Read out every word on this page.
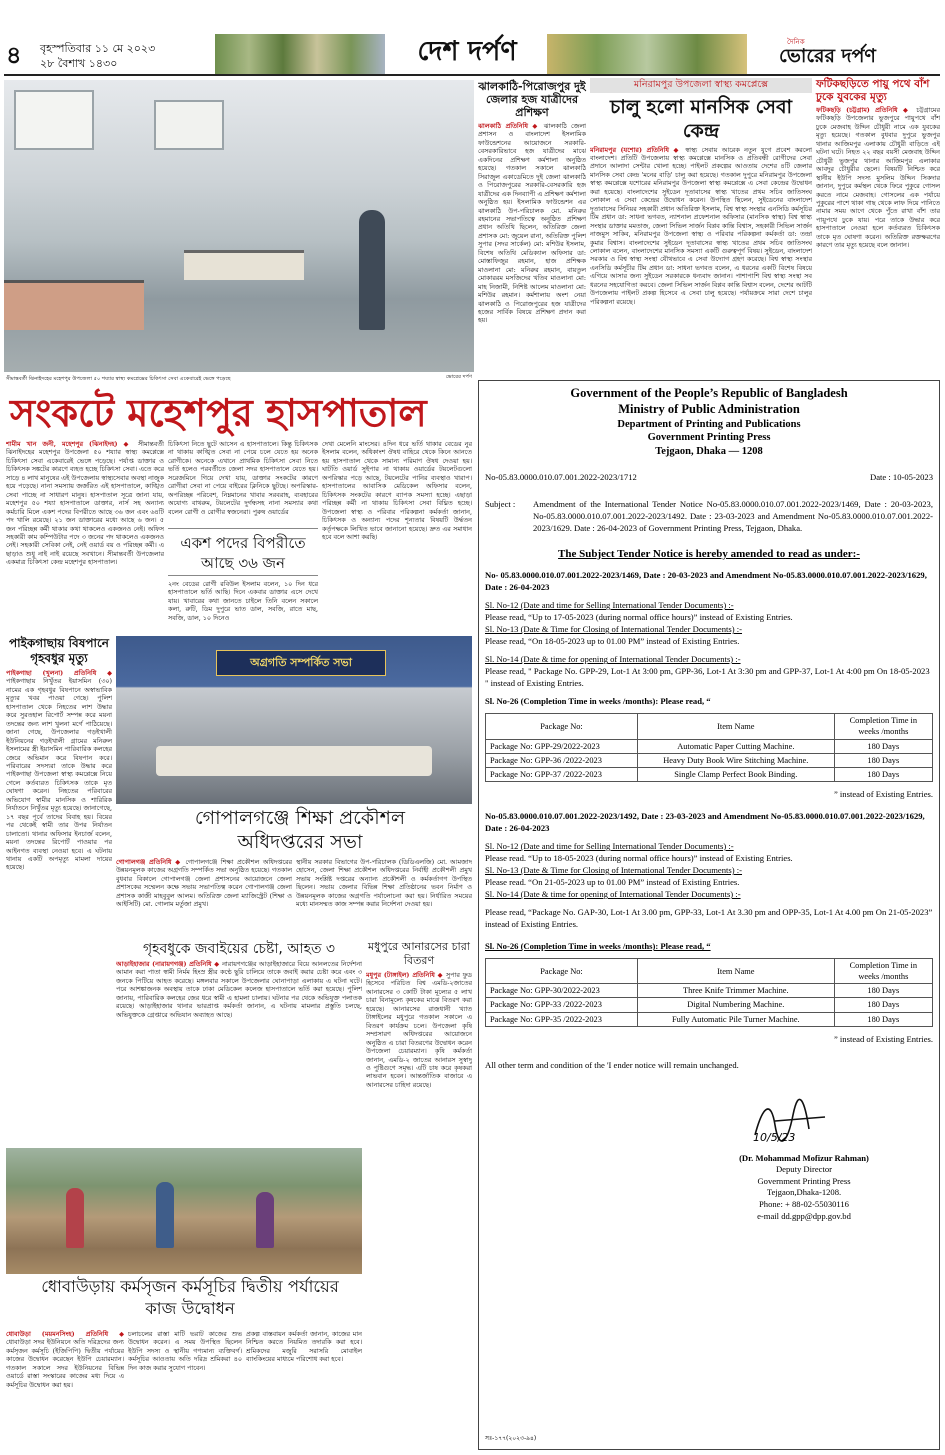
৪	বৃহস্পতিবার ১১ মে ২০২৩
২৮ বৈশাখ ১৪৩০	দেশ দর্পণ	দৈনিক
ভোরের দর্পণ
সীমান্তবর্তী ঝিনাইদহের মহেশপুর উপজেলা ৫০ শয্যার স্বাস্থ্য কমপ্লেক্সের চিকিৎসা সেবা একেবারেই ভেঙ্গে পড়েছে	ভোরের দর্পণ
সংকটে মহেশপুর হাসপাতাল
শামীম খান জনী, মহেশপুর (ঝিনাইদহ) ◆ সীমান্তবর্তী ঝিনাইদহের মহেশপুর উপজেলা ৫০ শয্যার স্বাস্থ্য কমপ্লেক্সে চিকিৎসা সেবা একেবারেই ভেঙ্গে পড়েছে। পর্যাপ্ত ডাক্তার ও চিকিৎসক সঙ্কটের কারণে ব্যহত হচ্ছে চিকিৎসা সেবা। এতে করে সাড়ে ৪ লাখ মানুষের এই উপজেলায় স্বাস্থ্যসেবার অবস্থা নাজুক হয়ে পড়েছে। নানা সমস্যায় জর্জরিত এই হাসপাতালে, কাঙ্খিত সেবা পাচ্ছে না সাধারণ মানুষ। হাসপাতাল সূত্রে জানা যায়, মহেশপুর ৫০ শয্যা হাসপাতালে ডাক্তার, নার্স সহ অন্যান্য কর্মচারি মিলে একশ পদের বিপরীতে আছে ৩৬ জন এবং ৬৪টি পদ খালি রয়েছে। ২১ জন ডাক্তারের মধ্যে আছে ৬ জন। ৫ জন পরিচ্ছন্ন কর্মী থাকার কথা থাকলেও একজনও নেই। অফিস সহকারী কাম কম্পিউটার পদে ৩ জনের পদ থাকলেও একজনও নেই। সহকারী সেবিকা নেই, নেই ওয়ার্ড বয় ও পরিচ্ছন্ন কর্মী। এ ছাড়াও শুধু নাই নাই রয়েছে সবখানে। সীমান্তবর্তী উপজেলার একমাত্র চিকিৎসা কেন্দ্র মহেশপুর হাসপাতাল।
চিকিৎসা নিতে ছুটে আসেন এ হাসপাতালে। কিন্তু চিকিৎসক না থাকায় কাঙ্খিত সেবা না পেয়ে চলে যেতে হয় অনেক রোগীকে। অনেকে এখানে প্রাথমিক চিকিৎসা সেবা নিতে ভর্তি হলেও পরবর্তীতে জেলা সদর হাসপাতালে যেতে হয়। সরেজমিনে গিয়ে দেখা যায়, ডাক্তার সংকটের কারণে রোগীরা সেবা না পেয়ে বাইরের ক্লিনিকে ছুটছে। অপরিস্কার-অপরিচ্ছন্ন পরিবেশ, নিম্নমানের খাবার সরবরাহ, ব্যবহারের অযোগ্য বাথরুম, টয়লেটের দুর্গন্ধসহ নানা সমস্যার কথা বলেন রোগী ও রোগীর স্বজনেরা। পুরুষ ওয়ার্ডের
একশ পদের বিপরীতে আছে ৩৬ জন
২নং বেডের রোগী রবিউল ইসলাম বলেন, ১০ দিন ধরে হাসপাতালে ভর্তি আছি। দিনে একবার ডাক্তার এসে দেখে যায়। খাবারের কথা জানতে চাইলে তিনি বলেন সকালে কলা, রুটি, ডিম দুপুরে ভাত ডাল, সবজি, রাতে মাছ, সবজি, ডাল, ১০ দিনেও
দেখা মেলেনি মাংসের। ৪দিন ধরে ভর্তি থাকার বেডের নুর ইসলাম বলেন, অধিকাংশ ঔষধ বাহিরে থেকে কিনে আনতে হয় হাসপাতাল থেকে সামান্য পরিমাণ ঔষধ দেওয়া হয়। ঘাটতি ওয়ার্ড সুইপার না থাকায় ওয়ার্ডের টয়লেটগুলো অপরিস্কার পড়ে আছে, টয়লেটের পানির ব্যবস্থাও খারাপ। হাসপাতালের আবাসিক মেডিকেল অফিসার বলেন, চিকিৎসক সংকটের কারণে ব্যাপক সমস্যা হচ্ছে। এছাড়া পরিচ্ছন্ন কর্মী না থাকায় চিকিৎসা সেবা বিঘ্নিত হচ্ছে। উপজেলা স্বাস্থ্য ও পরিবার পরিকল্পনা কর্মকর্তা জানান, চিকিৎসক ও অন্যান্য পদের শূন্যতার বিষয়টি উর্দ্ধতন কর্তৃপক্ষকে লিখিত ভাবে জানানো হয়েছে। দ্রুত এর সমাধান হবে বলে আশা করছি।
ঝালকাঠি-পিরোজপুর দুই জেলার হজ যাত্রীদের প্রশিক্ষণ
ঝালকাঠি প্রতিনিধি ◆ ঝালকাঠি জেলা প্রশাসন ও বাংলাদেশ ইসলামিক ফাউন্ডেশনের আয়োজনে সরকারি-বেসরকারিভাবে হজ যাত্রীদের মাঝে একদিনের প্রশিক্ষণ কর্মশালা অনুষ্ঠিত হয়েছে। গতকাল সকালে ঝালকাঠি সিরাজুল একাডেমিতে দুই জেলা ঝালকাঠি ও পিরোজপুরের সরকারি-বেসরকারি হজ যাত্রীদের এক দিনব্যাপী এ প্রশিক্ষণ কর্মশালা অনুষ্ঠিত হয়। ইসলামিক ফাউন্ডেশন এর ঝালকাঠি উপ-পরিচালক মো. মনিরুর রহমানের সভাপতিত্বে অনুষ্ঠিত প্রশিক্ষণ প্রধান অতিথি ছিলেন, অতিরিক্ত জেলা প্রশাসক মো: জুয়েল রানা, অতিরিক্ত পুলিশ সুপার (সদর সার্কেল) মো: মশিউর ইসলাম, বিশেষ অতিথি মেডিক্যাল অফিসার ডা: মোস্তাফিজুর রহমান, হাজ প্রশিক্ষক মাওলানা মো: মনিরুর রহমান, বায়তুল মোকাররম মসজিদের খতিব মাওলানা মো: মাহ নিজামী, নিশিষ্ট আলেম মাওলানা মো: মশিউর রহমান। কর্মশালায় অংশ নেয়া ঝালকাঠি ও পিরোজপুরের হজ যাত্রীদের হজের সার্বিক বিষয়ে প্রশিক্ষণ প্রদান করা হয়।
মনিরামপুর উপজেলা স্বাস্থ্য কমপ্লেক্সে
চালু হলো মানসিক সেবা কেন্দ্র
মনিরামপুর (যশোর) প্রতিনিধি ◆ স্বাস্থ্য সেবায় আরেক নতুন যুগে প্রবেশ করলো বাংলাদেশ। প্রতিটি উপজেলায় স্বাস্থ্য কমপ্লেক্সে মানসিক ও প্রতিবন্ধী রোগীদের সেবা প্রদানে আলাদা সেন্টার খোলা হচ্ছে। পাইলট প্রকল্পের আওতায় দেশের ৪টি জেলার মানসিক সেবা কেন্দ্র 'মনের বাড়ি' চালু করা হয়েছে। গতকাল দুপুরে মনিরামপুর উপজেলা স্বাস্থ্য কমপ্লেক্সে যশোরের মনিরামপুর উপজেলা স্বাস্থ্য কমপ্লেক্সে এ সেবা কেন্দ্রের উদ্বোধন করা হয়েছে। বাংলাদেশের সুইডেন দূতাবাসের স্বাস্থ্য খাতের প্রথম সচিব জাতিসংঘ লোকাল এ সেবা কেন্দ্রের উদ্বোধন করেন। উপস্থিত ছিলেন, সুইডেনের বাংলাদেশ দূতাবাসের সিনিয়র সহকারী প্রধান অতিরিক্ত ইসলাম, বিশ্ব স্বাস্থ্য সংস্থার এনসিডি কর্মসূচির টিম প্রধান ডা: সাধনা ভগবত, ন্যাশনাল প্রফেশনাল অফিসার (মানসিক স্বাস্থ্য) বিশ্ব স্বাস্থ্য সংস্থার ডাক্তার মমতাজ, জেলা সিভিল সার্জন বিপ্লব কান্তি বিশ্বাস, সহকারী সিভিল সার্জন নাজমুস সাকিব, মনিরামপুর উপজেলা স্বাস্থ্য ও পরিবার পরিকল্পনা কর্মকর্তা ডা: তন্দ্রা কুমার বিশ্বাস। বাংলাদেশের সুইডেন দূতাবাসের স্বাস্থ্য খাতের প্রথম সচিব জাতিসংঘ লোকাল বলেন, বাংলাদেশের মানসিক সমস্যা একটি গুরুত্বপূর্ণ বিষয়। সুইডেন, বাংলাদেশ সরকার ও বিশ্ব স্বাস্থ্য সংস্থা যৌথভাবে এ সেবা উদ্যোগ গ্রহণ করেছে। বিশ্ব স্বাস্থ্য সংস্থার এনসিডি কর্মসূচীর টিম প্রধান ডা: সাধনা ভগবত বলেন, এ ধরনের একটি বিশেষ বিষয়ে এগিয়ে আসার জন্য সুইডেন সরকারকে ধন্যবাদ জানান। পাশাপাশি বিশ্ব স্বাস্থ্য সংস্থা সব ধরনের সহযোগিতা করবে। জেলা সিভিল সার্জন বিপ্লব কান্তি বিশ্বাস বলেন, দেশের আটটি উপজেলায় পাইলট প্রকল্প হিসেবে এ সেবা চালু হয়েছে। পর্যায়ক্রমে সারা দেশে চালুর পরিকল্পনা রয়েছে।
ফটিকছড়িতে পায়ু পথে বাঁশ ঢুকে যুবকের মৃত্যু
ফটিকছড়ি (চট্টগ্রাম) প্রতিনিধি ◆ চট্টগ্রামের ফটিকছড়ি উপজেলার ভুজপুরে পায়ুপথে বাঁশ ঢুকে মেজবাহ উদ্দিন চৌধুরী নামে এক যুবকের মৃত্যু হয়েছে। গতকাল বুধবার দুপুরে ভুজপুর থানার আজিমপুর এলাকায় চৌধুরী বাড়িতে এই ঘটনা ঘটে। নিহত ২২ বছর বয়সী মেজবাহ উদ্দিন চৌধুরী ভুজপুর থানার আজিমপুর এলাকার আবদুর চৌধুরীর ছেলে। বিষয়টি নিশ্চিত করে স্থানীয় ইউপি সদস্য মুসলিম উদ্দিন সিকদার জানান, দুপুরে কর্মস্থল থেকে ফিরে পুকুরে গোসল করতে নামে মেজবাহ। গোসলের এক পর্যায়ে পুকুরের পাশে থাকা গাছ থেকে লাফ দিয়ে পানিতে নামার সময় আগে থেকে পুঁতে রাখা বাঁশ তার পায়ুপথে ঢুকে যায়। পরে তাকে উদ্ধার করে হাসপাতালে নেওয়া হলে কর্তব্যরত চিকিৎসক তাকে মৃত ঘোষণা করেন। অতিরিক্ত রক্তক্ষরণের কারণে তার মৃত্যু হয়েছে বলে জানান।
পাইকগাছায় বিষপানে গৃহবধুর মৃত্যু
পাইকগাছা (খুলনা) প্রতিনিধি ◆ পাইকগাছায় নিখুঁতর ইয়াসমিন (৩০) নামের এক গৃহবধুর বিষপানে অস্বাভাবিক মৃত্যুর খবর পাওয়া গেছে। পুলিশ হাসপাতাল থেকে নিহতের লাশ উদ্ধার করে সুরতহাল রিপোর্ট সম্পন্ন করে ময়না তদন্তের জন্য লাশ খুলনা মর্গে পাঠিয়েছে। জানা গেছে, উপজেলার গড়ইখালী ইউনিয়নের গড়ইখালী গ্রামের মনিরুল ইসলামের স্ত্রী ইয়াসমিন পারিবারিক কলহের জেরে অভিমান করে বিষপান করে। পরিবারের সদস্যরা তাকে উদ্ধার করে পাইকগাছা উপজেলা স্বাস্থ্য কমপ্লেক্সে নিয়ে গেলে কর্তব্যরত চিকিৎসক তাকে মৃত ঘোষণা করেন। নিহতের পরিবারের অভিযোগ স্বামীর মানসিক ও শারিরিক নির্যাতনে নিখুঁতর মৃত্যু হয়েছে। জানাগেছে, ১৭ বছর পূর্বে তাদের বিবাহ হয়। বিয়ের পর থেকেই স্বামী তার উপর নির্যাতন চালাতো। থানার অফিসার ইনচার্জ বলেন, ময়না তদন্তের রিপোর্ট পাওয়ার পর আইনগত ব্যবস্থা নেওয়া হবে। এ ঘটনায় থানায় একটি অপমৃত্যু মামলা দায়ের হয়েছে।
অগ্রগতি সম্পর্কিত সভা
গোপালগঞ্জে শিক্ষা প্রকৌশল অধিদপ্তরের সভা
গোপালগঞ্জ প্রতিনিধি ◆ গোপালগঞ্জে শিক্ষা প্রকৌশল অধিদপ্তরের উন্নয়নমূলক কাজের অগ্রগতি সম্পর্কিত সভা অনুষ্ঠিত হয়েছে। গতকাল বুধবার বিকালে গোপালগঞ্জ জেলা প্রশাসনের আয়োজনে জেলা প্রশাসকের সম্মেলন কক্ষে সভায় সভাপতিত্ব করেন গোপালগঞ্জ জেলা প্রশাসক কাজী মাহবুবুল আলম। অতিরিক্ত জেলা ম্যাজিস্ট্রেট (শিক্ষা ও আইসিটি) মো. গোলাম মর্তুজা প্রমুখ।
স্থানীয় সরকার বিভাগের উপ-পরিচালক (ডিডিএলজি) মো. আমজাদ হোসেন, জেলা শিক্ষা প্রকৌশল অধিদপ্তরের নির্বাহী প্রকৌশলী প্রমুখ সভায় সংশ্লিষ্ট দপ্তরের অন্যান্য প্রকৌশলী ও কর্মকর্তাগণ উপস্থিত ছিলেন। সভায় জেলার বিভিন্ন শিক্ষা প্রতিষ্ঠানের ভবন নির্মাণ ও উন্নয়নমূলক কাজের অগ্রগতি পর্যালোচনা করা হয়। নির্ধারিত সময়ের মধ্যে মানসম্মত কাজ সম্পন্ন করার নির্দেশনা দেওয়া হয়।
গৃহবধুকে জবাইয়ের চেষ্টা, আহত ৩
আড়াইহাজার (নারায়ণগঞ্জ) প্রতিনিধি ◆ নারায়ণগঞ্জের আড়াইহাজারে বিয়ে আনলতের নির্দেশনা আমান করা পাতা স্বামী নির্মম হিংস্র স্ত্রীর কণ্ঠে ছুরি চালিয়ে তাকে জবাই করার চেষ্টা করে এবং ৩ জনকে পিটিয়ে আহত করেছে। মঙ্গলবার সকালে উপজেলার ঘোনাপাড়া এলাকায় এ ঘটনা ঘটে। পরে আশঙ্কাজনক অবস্থায় তাকে ঢাকা মেডিকেল কলেজ হাসপাতালে ভর্তি করা হয়েছে। পুলিশ জানায়, পারিবারিক কলহের জের ধরে স্বামী এ হামলা চালায়। ঘটনার পর থেকে অভিযুক্ত পলাতক রয়েছে। আড়াইহাজার থানার ভারপ্রাপ্ত কর্মকর্তা জানান, এ ঘটনায় মামলার প্রস্তুতি চলছে, অভিযুক্তকে গ্রেপ্তারে অভিযান অব্যাহত আছে।
মধুপুরে আনারসের চারা বিতরণ
মধুপুর (টাঙ্গাইল) প্রতিনিধি ◆ সুপার ফুড হিসেবে পরিচিত বিশ্ব এমডি-২জাতের আনারসের ৩ কোটি টাকা মূল্যের ৫ লাখ চারা বিনামূল্যে কৃষকের মাঝে বিতরণ করা হয়েছে। আনারসের রাজধানী খ্যাত টাঙ্গাইলের মধুপুরে গতকাল সকালে এ বিতরণ কার্যক্রম চলে। উপজেলা কৃষি সম্প্রসারণ অধিদপ্তরের আয়োজনে অনুষ্ঠিত এ চারা বিতরণের উদ্বোধন করেন উপজেলা চেয়ারম্যান। কৃষি কর্মকর্তা জানান, এমডি-২ জাতের আনারস সুস্বাদু ও পুষ্টিগুণে সমৃদ্ধ। এটি চাষ করে কৃষকরা লাভবান হবেন। আন্তর্জাতিক বাজারে এ আনারসের চাহিদা রয়েছে।
ধোবাউড়ায় কর্মসৃজন কর্মসূচির দ্বিতীয় পর্যায়ের কাজ উদ্বোধন
ধোবাউড়া (ময়মনসিংহ) প্রতিনিধি ◆ ধোবাউড়া সদর ইউনিয়নে অতি দরিদ্রদের জন্য কর্মসৃজন কর্মসূচি (ইজিপিপি) দ্বিতীয় পর্যায়ের কাজের উদ্বোধন করেছেন ইউপি চেয়ারম্যান। গতকাল সকালে সদর ইউনিয়নের বিভিন্ন ওয়ার্ডে রাস্তা সংস্কারের কাজের মধ্য দিয়ে এ কর্মসূচির উদ্বোধন করা হয়।
চলাচলের রাস্তা মাটি ভরাট কাজের শুভ উদ্বোধন করেন। এ সময় উপস্থিত ছিলেন ইউপি সদস্য ও স্থানীয় গণ্যমান্য ব্যক্তিবর্গ। কর্মসূচির আওতায় অতি দরিদ্র শ্রমিকরা ৪০ দিন কাজ করার সুযোগ পাবেন।
প্রকল্প বাস্তবায়ন কর্মকর্তা জানান, কাজের মান নিশ্চিত করতে নিয়মিত তদারকি করা হবে। শ্রমিকদের মজুরি সরাসরি মোবাইল ব্যাংকিংয়ের মাধ্যমে পরিশোধ করা হবে।
Government of the People’s Republic of Bangladesh
Ministry of Public Administration
Department of Printing and Publications
Government Printing Press
Tejgaon, Dhaka — 1208
No-05.83.0000.010.07.001.2022-2023/1712	Date : 10-05-2023
Subject :	Amendment of the International Tender Notice No-05.83.0000.010.07.001.2022-2023/1469, Date : 20-03-2023, No-05.83.0000.010.07.001.2022-2023/1492. Date : 23-03-2023 and Amendment No-05.83.0000.010.07.001.2022-2023/1629. Date : 26-04-2023 of Government Printing Press, Tejgaon, Dhaka.
The Subject Tender Notice is hereby amended to read as under:-

No- 05.83.0000.010.07.001.2022-2023/1469, Date : 20-03-2023 and Amendment No-05.83.0000.010.07.001.2022-2023/1629, Date : 26-04-2023

Sl. No-12 (Date and time for Selling International Tender Documents) :-

Please read, “Up to 17-05-2023 (during normal office hours)” instead of Existing Entries.

Sl. No-13 (Date & Time for Closing of International Tender Documents) :-

Please read, “On 18-05-2023 up to 01.00 PM” instead of Existing Entries.

Sl. No-14 (Date & time for opening of International Tender Documents) :-

Please read, " Package No. GPP-29, Lot-1 At 3:00 pm, GPP-36, Lot-1 At 3:30 pm and GPP-37, Lot-1 At 4:00 pm On 18-05-2023 " instead of Existing Entries.

Sl. No-26 (Completion Time in weeks /months): Please read, “

Package No:	Item Name	Completion Time in weeks /months
Package No: GPP-29/2022-2023	Automatic Paper Cutting Machine.	180 Days
Package No: GPP-36 /2022-2023	Heavy Duty Book Wire Stitching Machine.	180 Days
Package No: GPP-37 /2022-2023	Single Clamp Perfect Book Binding.	180 Days

” instead of Existing Entries.

No-05.83.0000.010.07.001.2022-2023/1492, Date : 23-03-2023 and Amendment No-05.83.0000.010.07.001.2022-2023/1629, Date : 26-04-2023

Sl. No-12 (Date and time for Selling International Tender Documents) :-

Please read. “Up to 18-05-2023 (during normal office hours)” instead of Existing Entries.

Sl. No-13 (Date & Time for Closing of International Tender Documents) :-

Please read. “On 21-05-2023 up to 01.00 PM” instead of Existing Entries.

Sl. No-14 (Date & time for opening of International Tender Documents) :-

Please read, “Package No. GAP-30, Lot-1 At 3.00 pm, GPP-33, Lot-1 At 3.30 pm and OPP-35, Lot-1 At 4.00 pm On 21-05-2023” instead of Existing Entries.

Sl. No-26 (Completion Time in weeks /months): Please read, “

Package No:	Item Name	Completion Time in weeks /months
Package No: GPP-30/2022-2023	Three Knife Trimmer Machine.	180 Days
Package No: GPP-33 /2022-2023	Digital Numbering Machine.	180 Days
Package No: GPP-35 /2022-2023	Fully Automatic Pile Turner Machine.	180 Days

” instead of Existing Entries.

All other term and condition of the 'I ender notice will remain unchanged.

10/5/23
(Dr. Mohammad Mofizur Rahman)
Deputy Director
Government Printing Press
Tejgaon,Dhaka-1208.
Phone: + 88-02-55030116
e-mail dd.gpp@dpp.gov.bd
সঃ-১৭৭(২০২৩-৯৪)
